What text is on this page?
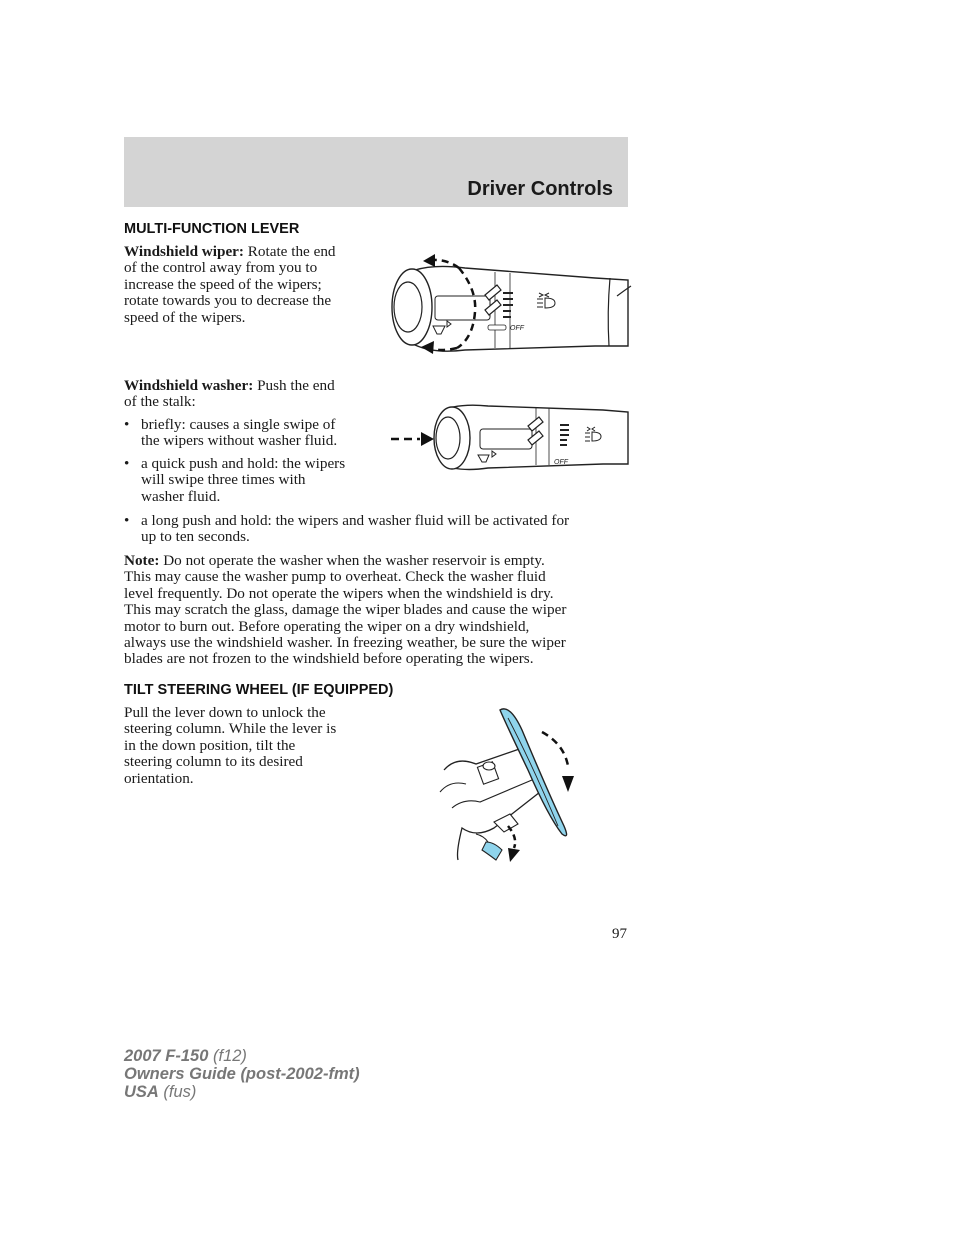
Driver Controls
MULTI-FUNCTION LEVER
Windshield wiper: Rotate the end
of the control away from you to
increase the speed of the wipers;
rotate towards you to decrease the
speed of the wipers.
OFF
Windshield washer: Push the end
of the stalk:
• briefly: causes a single swipe of
the wipers without washer fluid.
• a quick push and hold: the wipers
will swipe three times with
washer fluid.
OFF
• a long push and hold: the wipers and washer fluid will be activated for
up to ten seconds.
Note: Do not operate the washer when the washer reservoir is empty.
This may cause the washer pump to overheat. Check the washer fluid
level frequently. Do not operate the wipers when the windshield is dry.
This may scratch the glass, damage the wiper blades and cause the wiper
motor to burn out. Before operating the wiper on a dry windshield,
always use the windshield washer. In freezing weather, be sure the wiper
blades are not frozen to the windshield before operating the wipers.
TILT STEERING WHEEL (IF EQUIPPED)
Pull the lever down to unlock the
steering column. While the lever is
in the down position, tilt the
steering column to its desired
orientation.
97
2007 F-150 (f12)
Owners Guide (post-2002-fmt)
USA (fus)
